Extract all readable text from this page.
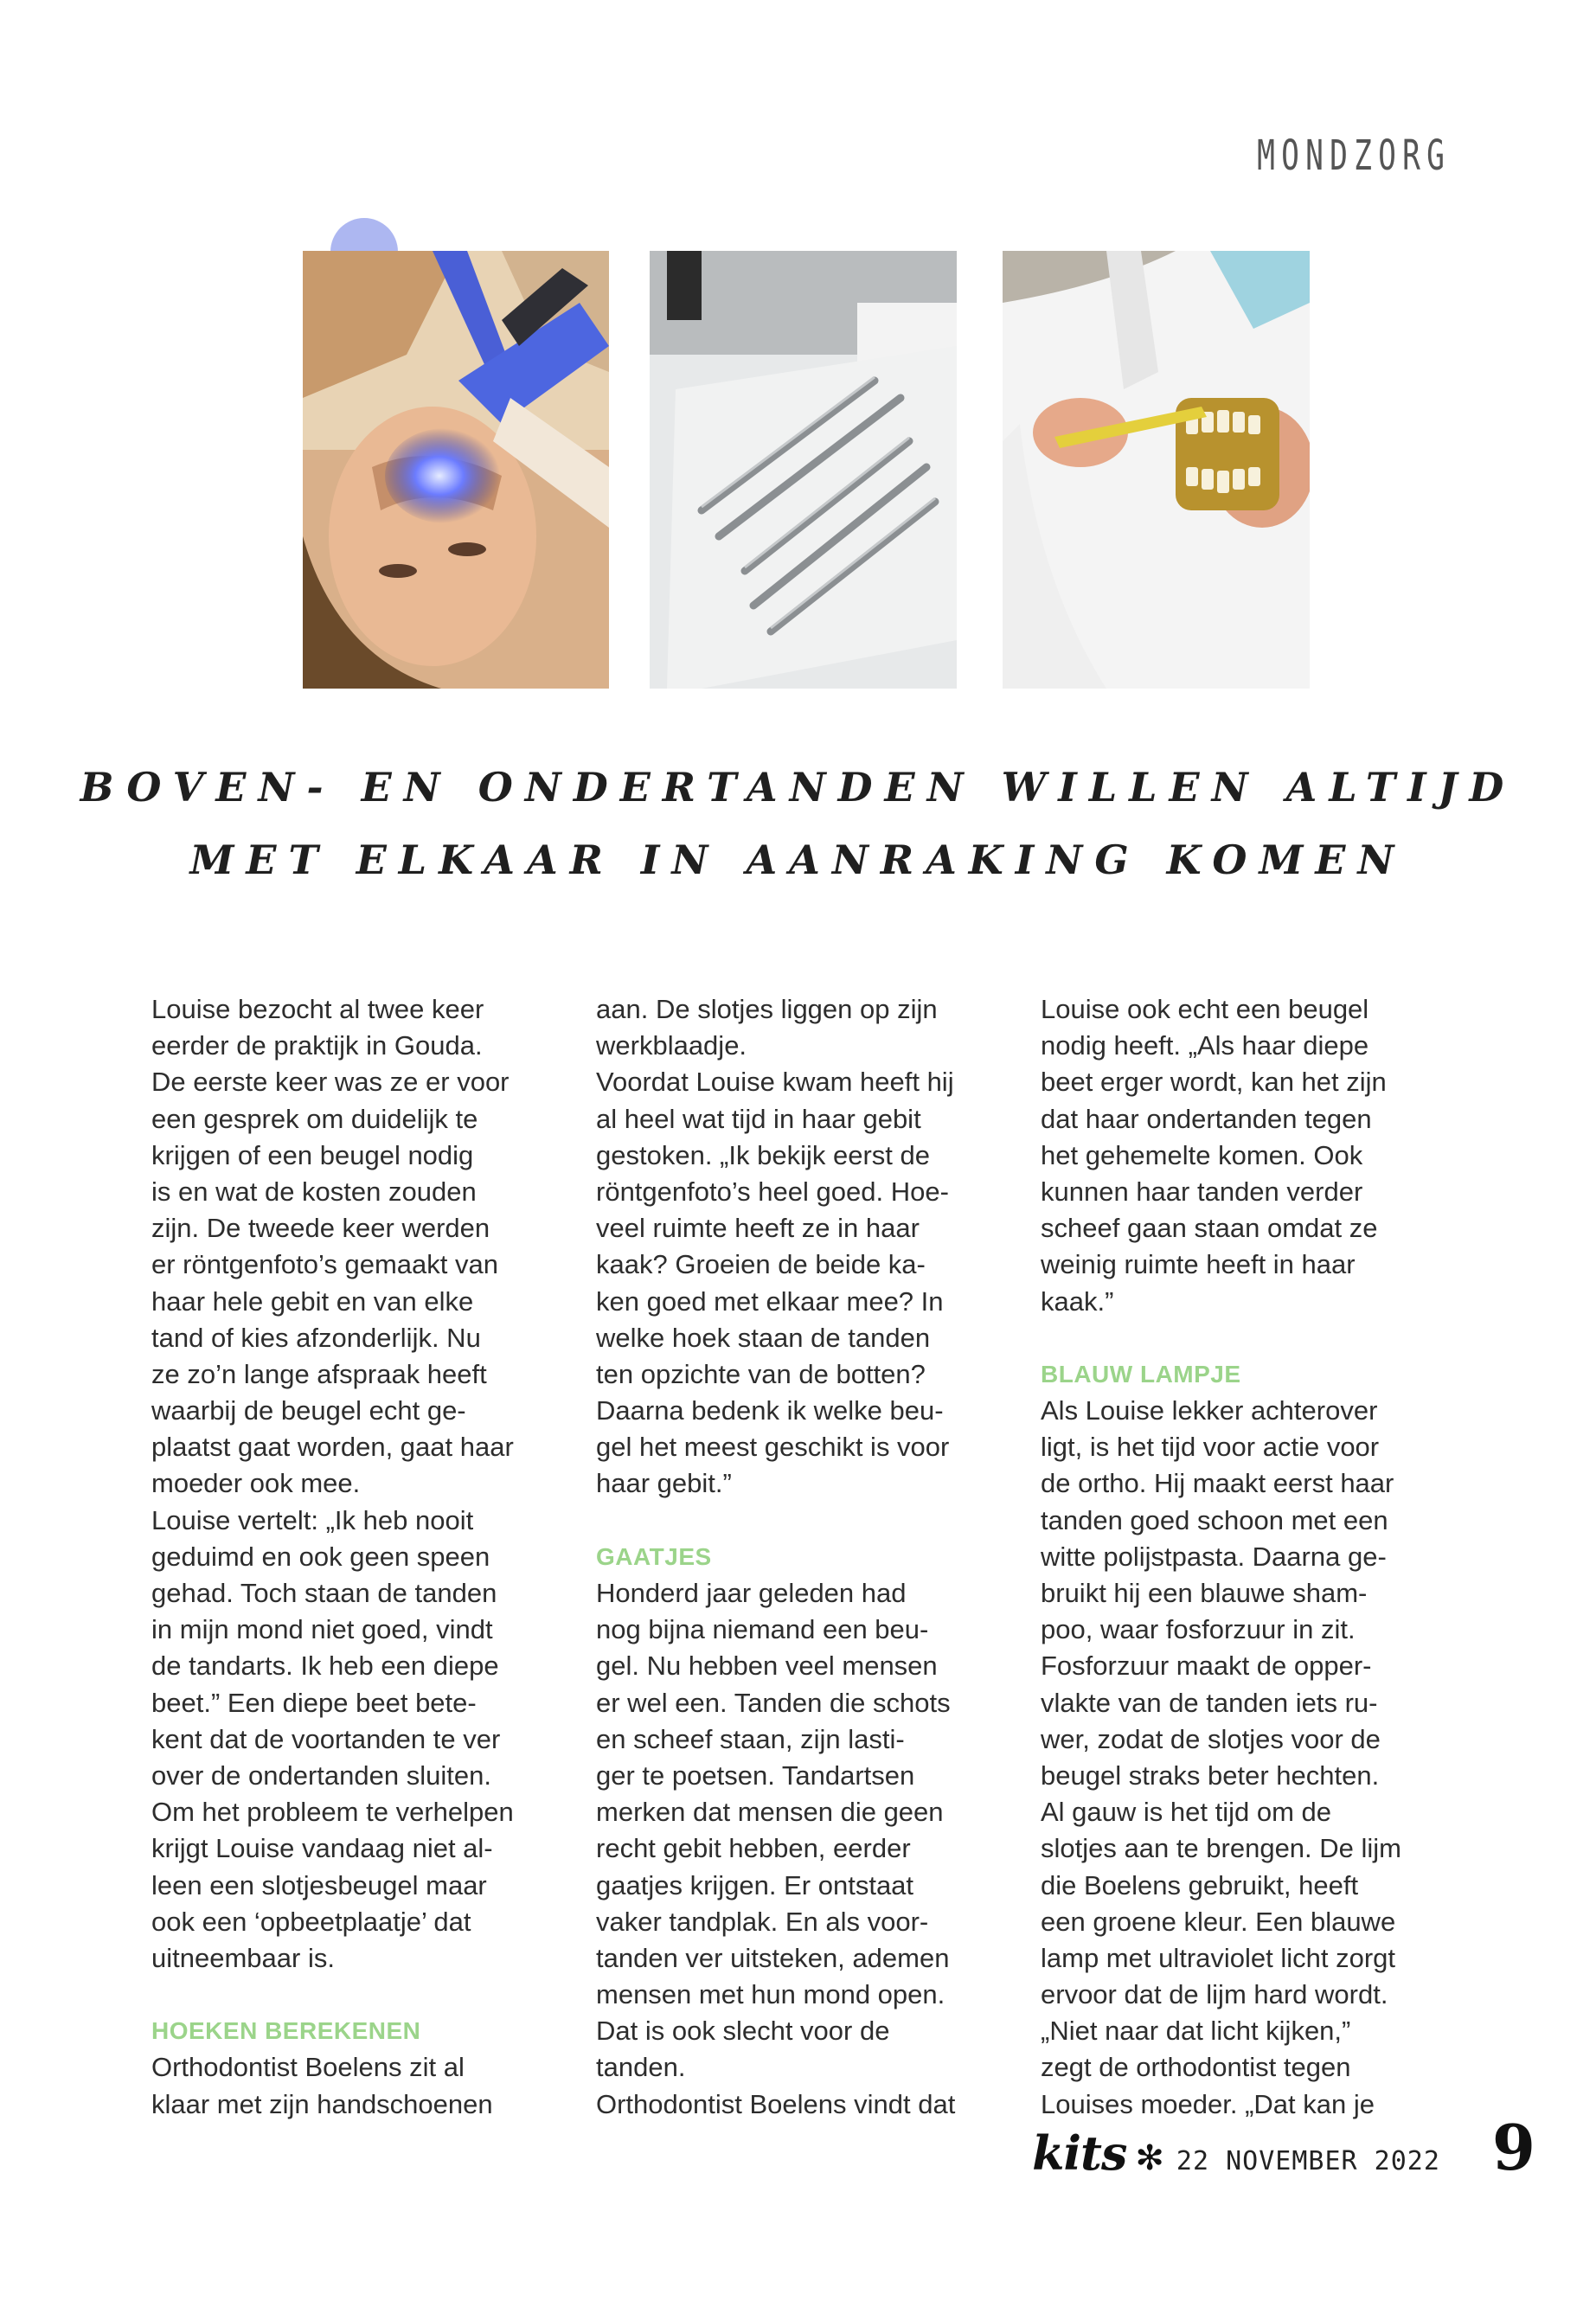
MONDZORG
BOVEN- EN ONDERTANDEN WILLEN ALTIJD
MET ELKAAR IN AANRAKING KOMEN
Louise bezocht al twee keer
eerder de praktijk in Gouda.
De eerste keer was ze er voor
een gesprek om duidelijk te
krijgen of een beugel nodig
is en wat de kosten zouden
zijn. De tweede keer werden
er röntgenfoto’s gemaakt van
haar hele gebit en van elke
tand of kies afzonderlijk. Nu
ze zo’n lange afspraak heeft
waarbij de beugel echt ge-
plaatst gaat worden, gaat haar
moeder ook mee.
Louise vertelt: „Ik heb nooit
geduimd en ook geen speen
gehad. Toch staan de tanden
in mijn mond niet goed, vindt
de tandarts. Ik heb een diepe
beet.” Een diepe beet bete-
kent dat de voortanden te ver
over de ondertanden sluiten.
Om het probleem te verhelpen
krijgt Louise vandaag niet al-
leen een slotjesbeugel maar
ook een ‘opbeetplaatje’ dat
uitneembaar is.
HOEKEN BEREKENEN
Orthodontist Boelens zit al
klaar met zijn handschoenen
aan. De slotjes liggen op zijn
werkblaadje.
Voordat Louise kwam heeft hij
al heel wat tijd in haar gebit
gestoken. „Ik bekijk eerst de
röntgenfoto’s heel goed. Hoe-
veel ruimte heeft ze in haar
kaak? Groeien de beide ka-
ken goed met elkaar mee? In
welke hoek staan de tanden
ten opzichte van de botten?
Daarna bedenk ik welke beu-
gel het meest geschikt is voor
haar gebit.”
GAATJES
Honderd jaar geleden had
nog bijna niemand een beu-
gel. Nu hebben veel mensen
er wel een. Tanden die schots
en scheef staan, zijn lasti-
ger te poetsen. Tandartsen
merken dat mensen die geen
recht gebit hebben, eerder
gaatjes krijgen. Er ontstaat
vaker tandplak. En als voor-
tanden ver uitsteken, ademen
mensen met hun mond open.
Dat is ook slecht voor de
tanden.
Orthodontist Boelens vindt dat
Louise ook echt een beugel
nodig heeft. „Als haar diepe
beet erger wordt, kan het zijn
dat haar ondertanden tegen
het gehemelte komen. Ook
kunnen haar tanden verder
scheef gaan staan omdat ze
weinig ruimte heeft in haar
kaak.”
BLAUW LAMPJE
Als Louise lekker achterover
ligt, is het tijd voor actie voor
de ortho. Hij maakt eerst haar
tanden goed schoon met een
witte polijstpasta. Daarna ge-
bruikt hij een blauwe sham-
poo, waar fosforzuur in zit.
Fosforzuur maakt de opper-
vlakte van de tanden iets ru-
wer, zodat de slotjes voor de
beugel straks beter hechten.
Al gauw is het tijd om de
slotjes aan te brengen. De lijm
die Boelens gebruikt, heeft
een groene kleur. Een blauwe
lamp met ultraviolet licht zorgt
ervoor dat de lijm hard wordt.
„Niet naar dat licht kijken,”
zegt de orthodontist tegen
Louises moeder. „Dat kan je
kits ✻ 22 NOVEMBER 2022 9
